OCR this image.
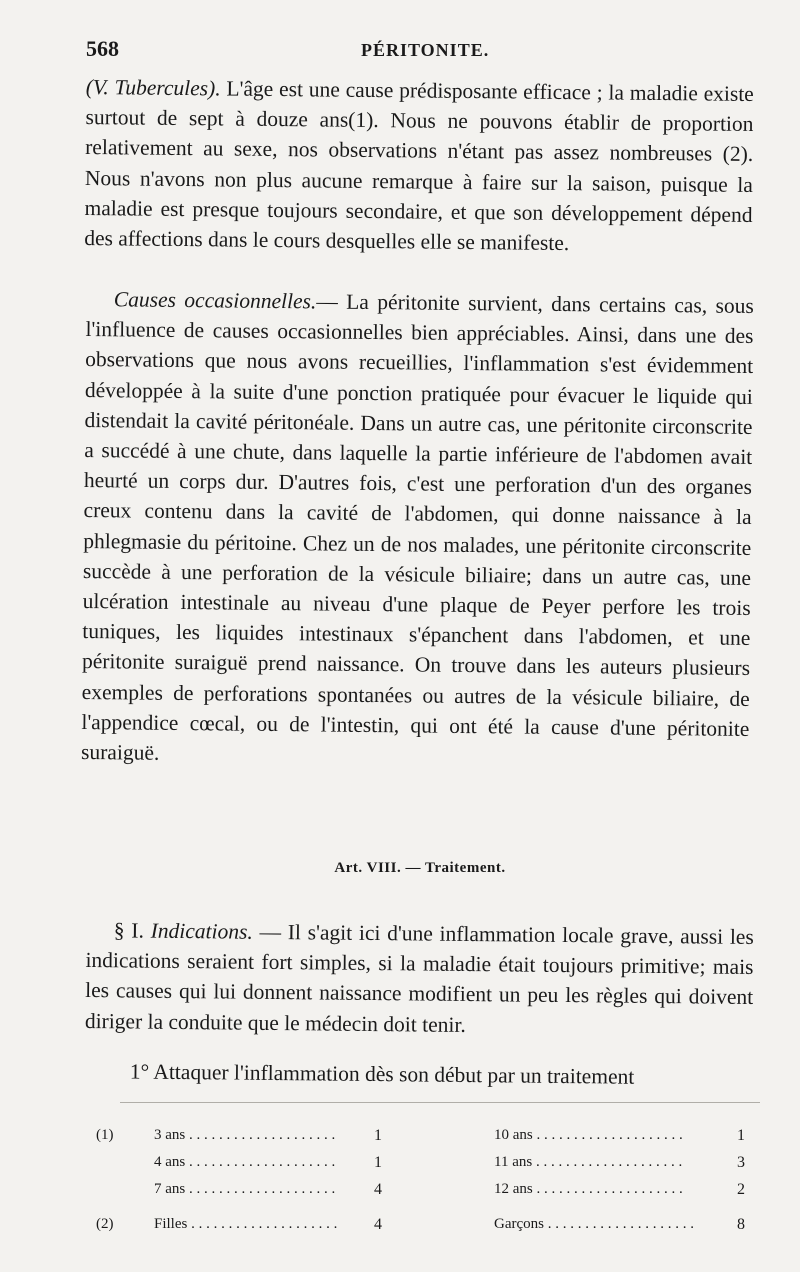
568	PÉRITONITE.
(V. Tubercules). L'âge est une cause prédisposante efficace ; la maladie existe surtout de sept à douze ans(1). Nous ne pouvons établir de proportion relativement au sexe, nos observations n'étant pas assez nombreuses (2). Nous n'avons non plus aucune remarque à faire sur la saison, puisque la maladie est presque toujours secondaire, et que son développement dépend des affections dans le cours desquelles elle se manifeste.
Causes occasionnelles.— La péritonite survient, dans certains cas, sous l'influence de causes occasionnelles bien appréciables. Ainsi, dans une des observations que nous avons recueillies, l'inflammation s'est évidemment développée à la suite d'une ponction pratiquée pour évacuer le liquide qui distendait la cavité péritonéale. Dans un autre cas, une péritonite circonscrite a succédé à une chute, dans laquelle la partie inférieure de l'abdomen avait heurté un corps dur. D'autres fois, c'est une perforation d'un des organes creux contenu dans la cavité de l'abdomen, qui donne naissance à la phlegmasie du péritoine. Chez un de nos malades, une péritonite circonscrite succède à une perforation de la vésicule biliaire; dans un autre cas, une ulcération intestinale au niveau d'une plaque de Peyer perfore les trois tuniques, les liquides intestinaux s'épanchent dans l'abdomen, et une péritonite suraiguë prend naissance. On trouve dans les auteurs plusieurs exemples de perforations spontanées ou autres de la vésicule biliaire, de l'appendice cœcal, ou de l'intestin, qui ont été la cause d'une péritonite suraiguë.
Art. VIII. — Traitement.
§ I. Indications. — Il s'agit ici d'une inflammation locale grave, aussi les indications seraient fort simples, si la maladie était toujours primitive; mais les causes qui lui donnent naissance modifient un peu les règles qui doivent diriger la conduite que le médecin doit tenir.
1° Attaquer l'inflammation dès son début par un traitement
(1)	3 ans . . .	1	10 ans . . .	1
4 ans . . .	1	11 ans . . .	3
7 ans . . .	4	12 ans . . .	2
(2)	Filles . . .	4	Garçons . . .	8
